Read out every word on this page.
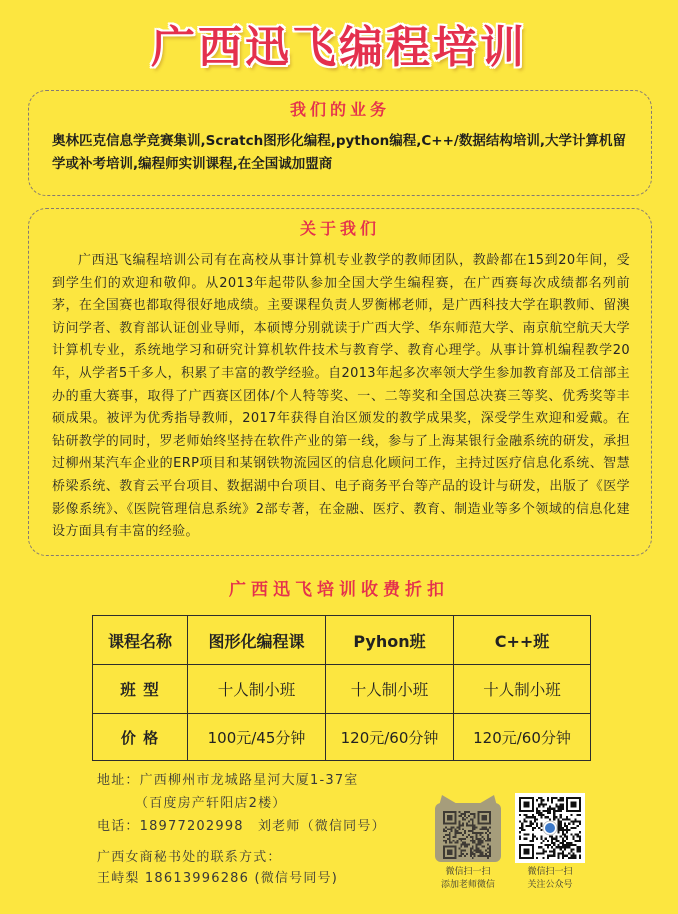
广西迅飞编程培训
我们的业务
奥林匹克信息学竞赛集训,Scratch图形化编程,python编程,C++/数据结构培训,大学计算机留学或补考培训,编程师实训课程,在全国诚加盟商
关于我们

广西迅飞编程培训公司有在高校从事计算机专业教学的教师团队，教龄都在15到20年间，受到学生们的欢迎和敬仰。从2013年起带队参加全国大学生编程赛，在广西赛每次成绩都名列前茅，在全国赛也都取得很好地成绩。主要课程负责人罗衡郴老师，是广西科技大学在职教师、留澳访问学者、教育部认证创业导师，本硕博分别就读于广西大学、华东师范大学、南京航空航天大学计算机专业，系统地学习和研究计算机软件技术与教育学、教育心理学。从事计算机编程教学20年，从学者5千多人，积累了丰富的教学经验。自2013年起多次率领大学生参加教育部及工信部主办的重大赛事，取得了广西赛区团体/个人特等奖、一、二等奖和全国总决赛三等奖、优秀奖等丰硕成果。被评为优秀指导教师，2017年获得自治区颁发的教学成果奖，深受学生欢迎和爱戴。在钻研教学的同时，罗老师始终坚持在软件产业的第一线，参与了上海某银行金融系统的研发，承担过柳州某汽车企业的ERP项目和某钢铁物流园区的信息化顾问工作，主持过医疗信息化系统、智慧桥梁系统、教育云平台项目、数据湖中台项目、电子商务平台等产品的设计与研发，出版了《医学影像系统》、《医院管理信息系统》2部专著，在金融、医疗、教育、制造业等多个领域的信息化建设方面具有丰富的经验。

广西迅飞培训收费折扣
课程名称	图形化编程课	Pyhon班	C++班
班 型	十人制小班	十人制小班	十人制小班
价 格	100元/45分钟	120元/60分钟	120元/60分钟
地址：广西柳州市龙城路星河大厦1-37室
（百度房产轩阳店2楼）
电话：18977202998　刘老师（微信同号）
广西女商秘书处的联系方式：
王峙梨 18613996286 (微信号同号)	微信扫一扫
添加老师微信
微信扫一扫
关注公众号
